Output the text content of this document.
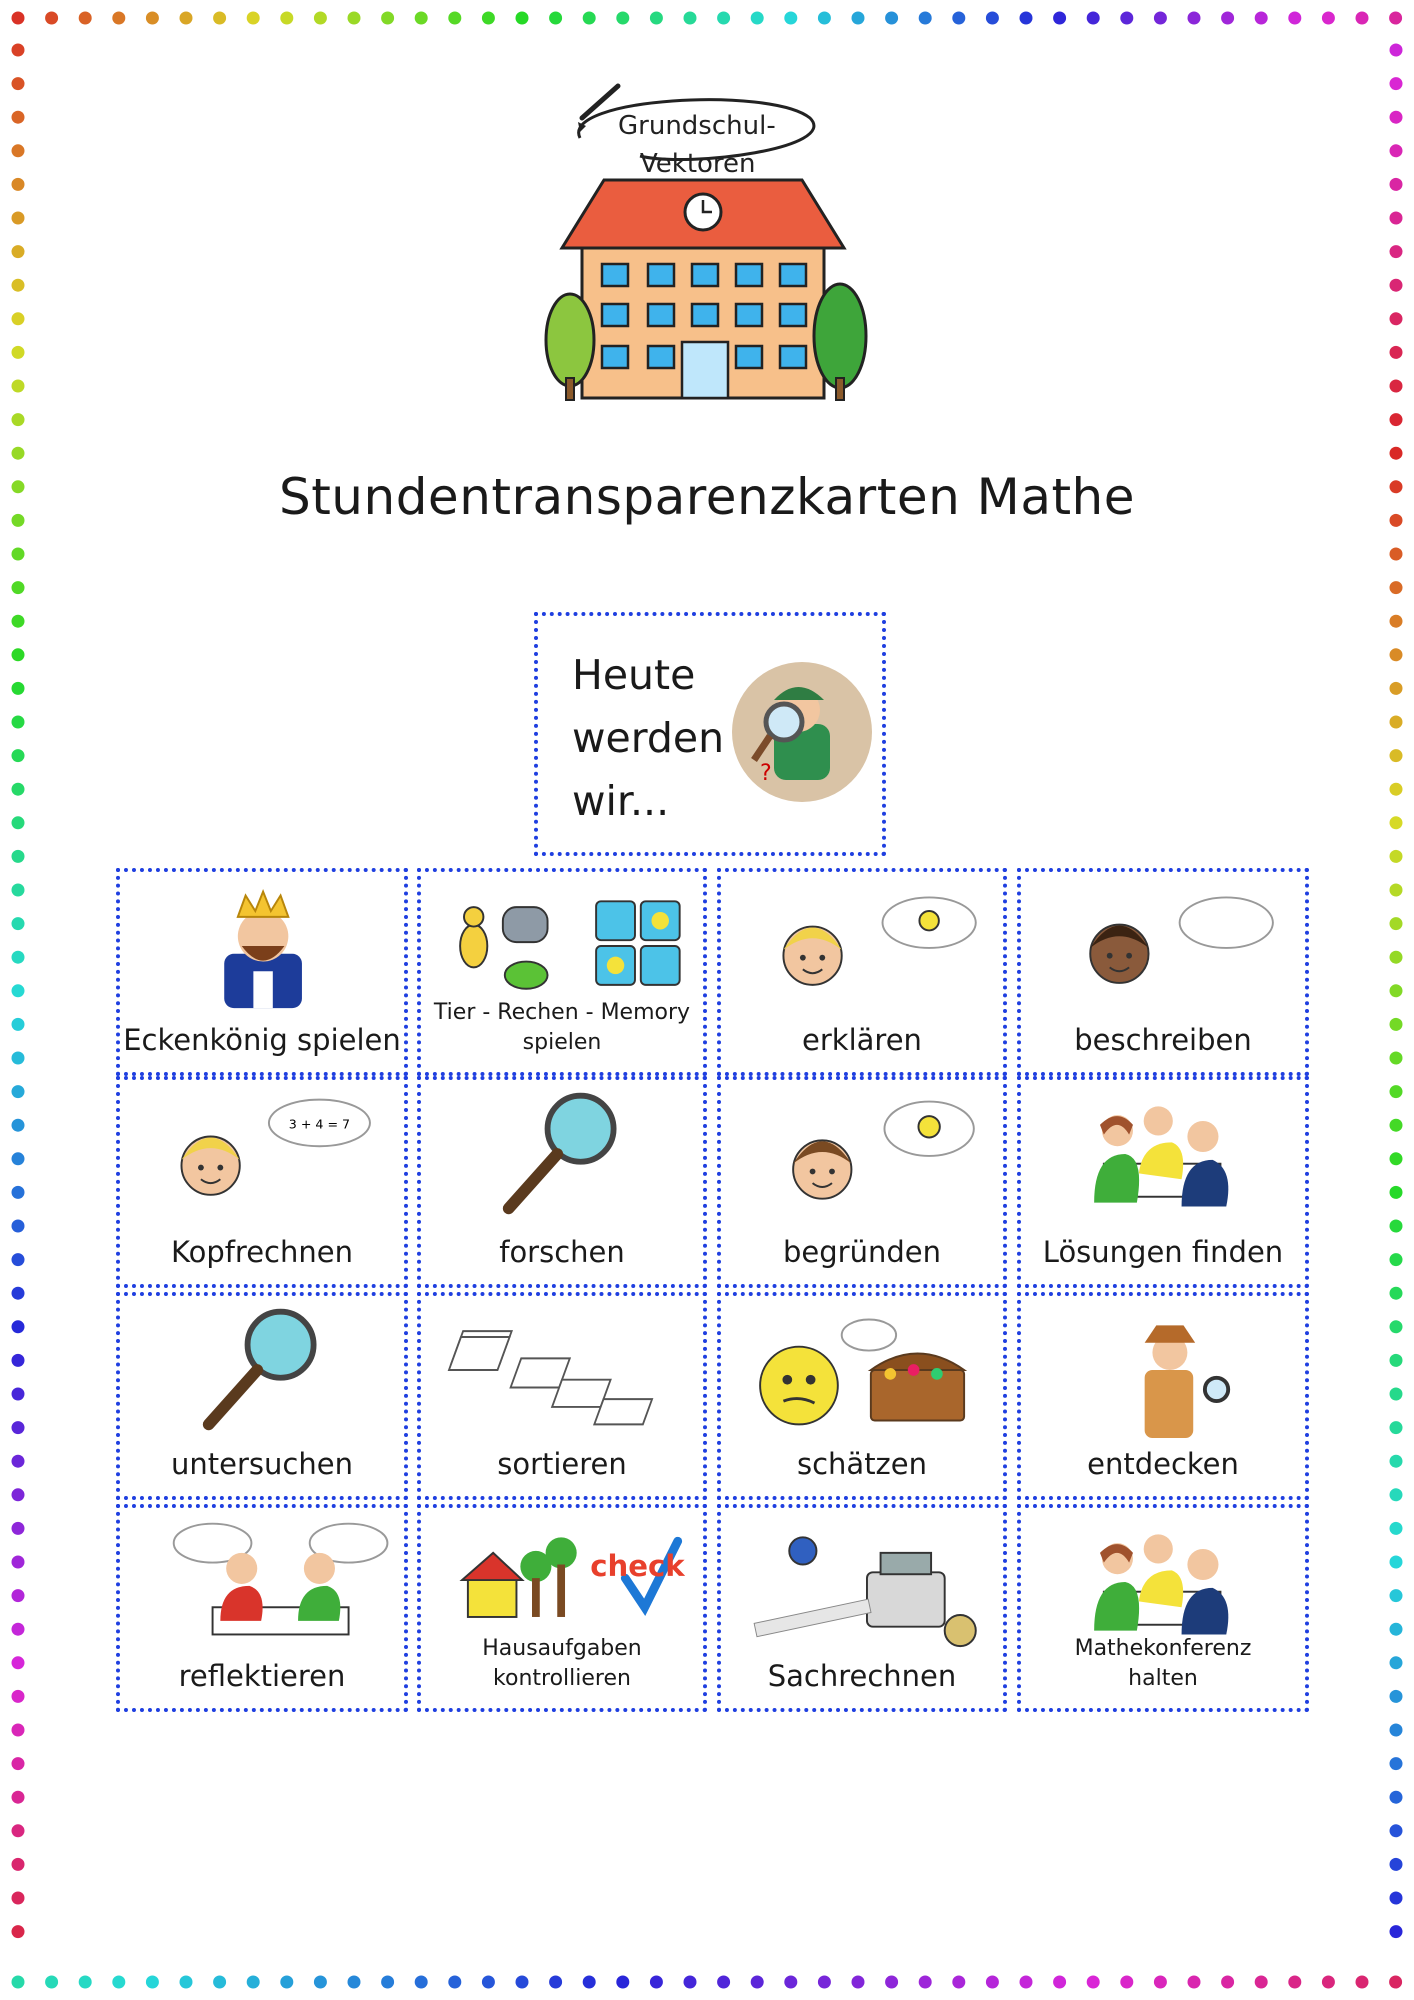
Grundschul-
Vektoren
Stundentransparenzkarten Mathe
Heute
werden
wir...
?
Eckenkönig spielen
Tier - Rechen - Memory
spielen	erklären	beschreiben
3 + 4 = 7
Kopfrechnen	forschen	begründen	Lösungen finden
untersuchen	sortieren	schätzen	entdecken
reflektieren
check
Hausaufgaben
kontrollieren	Sachrechnen
Mathekonferenz
halten
